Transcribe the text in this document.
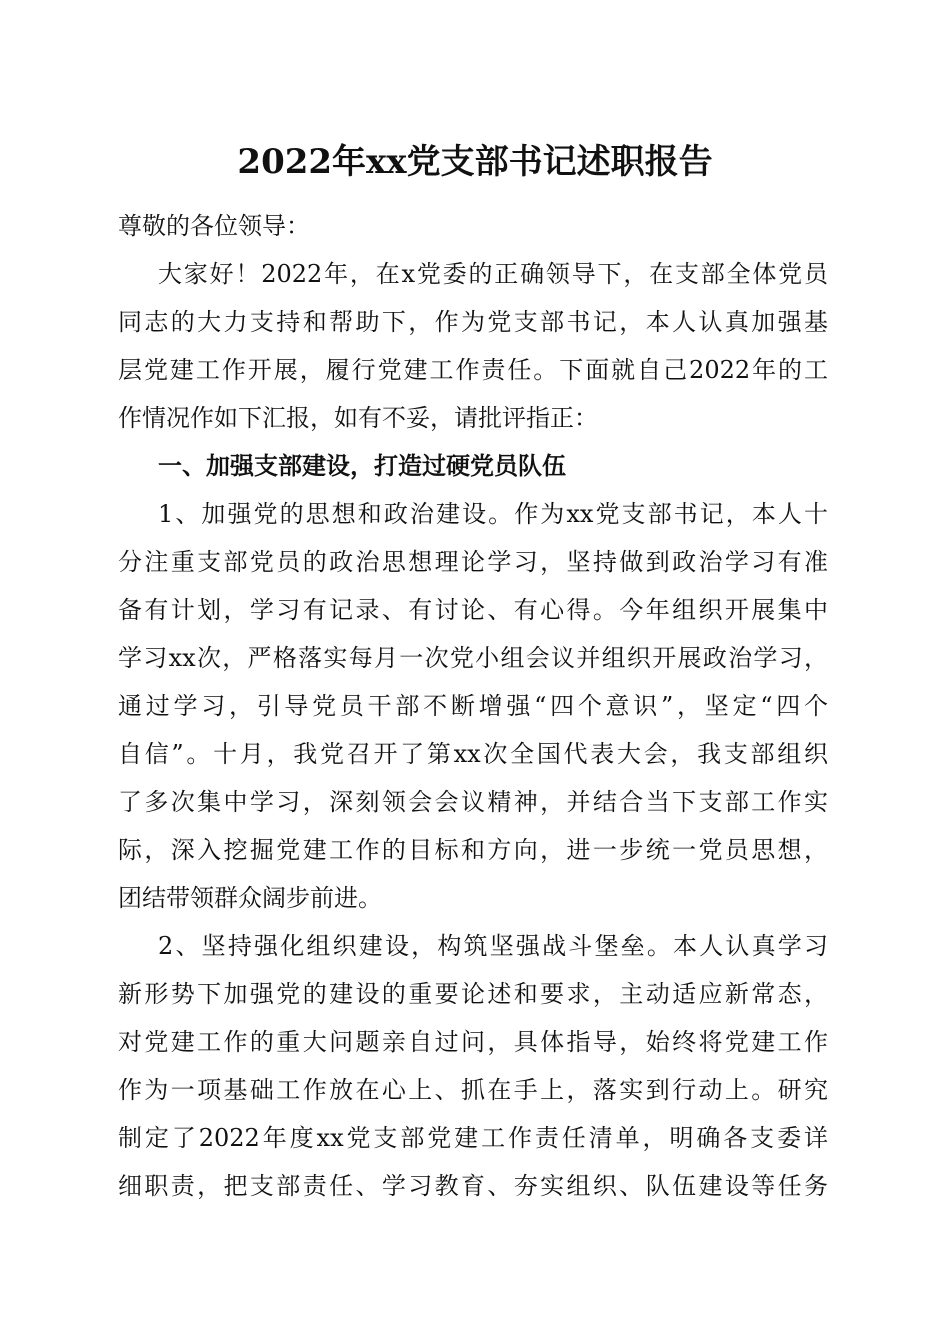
2022年xx党支部书记述职报告
尊敬的各位领导：
大家好！2022年，在x党委的正确领导下，在支部全体党员
同志的大力支持和帮助下，作为党支部书记，本人认真加强基
层党建工作开展，履行党建工作责任。下面就自己2022年的工
作情况作如下汇报，如有不妥，请批评指正：
一、加强支部建设，打造过硬党员队伍
1、加强党的思想和政治建设。作为xx党支部书记，本人十
分注重支部党员的政治思想理论学习，坚持做到政治学习有准
备有计划，学习有记录、有讨论、有心得。今年组织开展集中
学习xx次，严格落实每月一次党小组会议并组织开展政治学习，
通过学习，引导党员干部不断增强“四个意识”，坚定“四个
自信”。十月，我党召开了第xx次全国代表大会，我支部组织
了多次集中学习，深刻领会会议精神，并结合当下支部工作实
际，深入挖掘党建工作的目标和方向，进一步统一党员思想，
团结带领群众阔步前进。
2、坚持强化组织建设，构筑坚强战斗堡垒。本人认真学习
新形势下加强党的建设的重要论述和要求，主动适应新常态，
对党建工作的重大问题亲自过问，具体指导，始终将党建工作
作为一项基础工作放在心上、抓在手上，落实到行动上。研究
制定了2022年度xx党支部党建工作责任清单，明确各支委详
细职责，把支部责任、学习教育、夯实组织、队伍建设等任务
